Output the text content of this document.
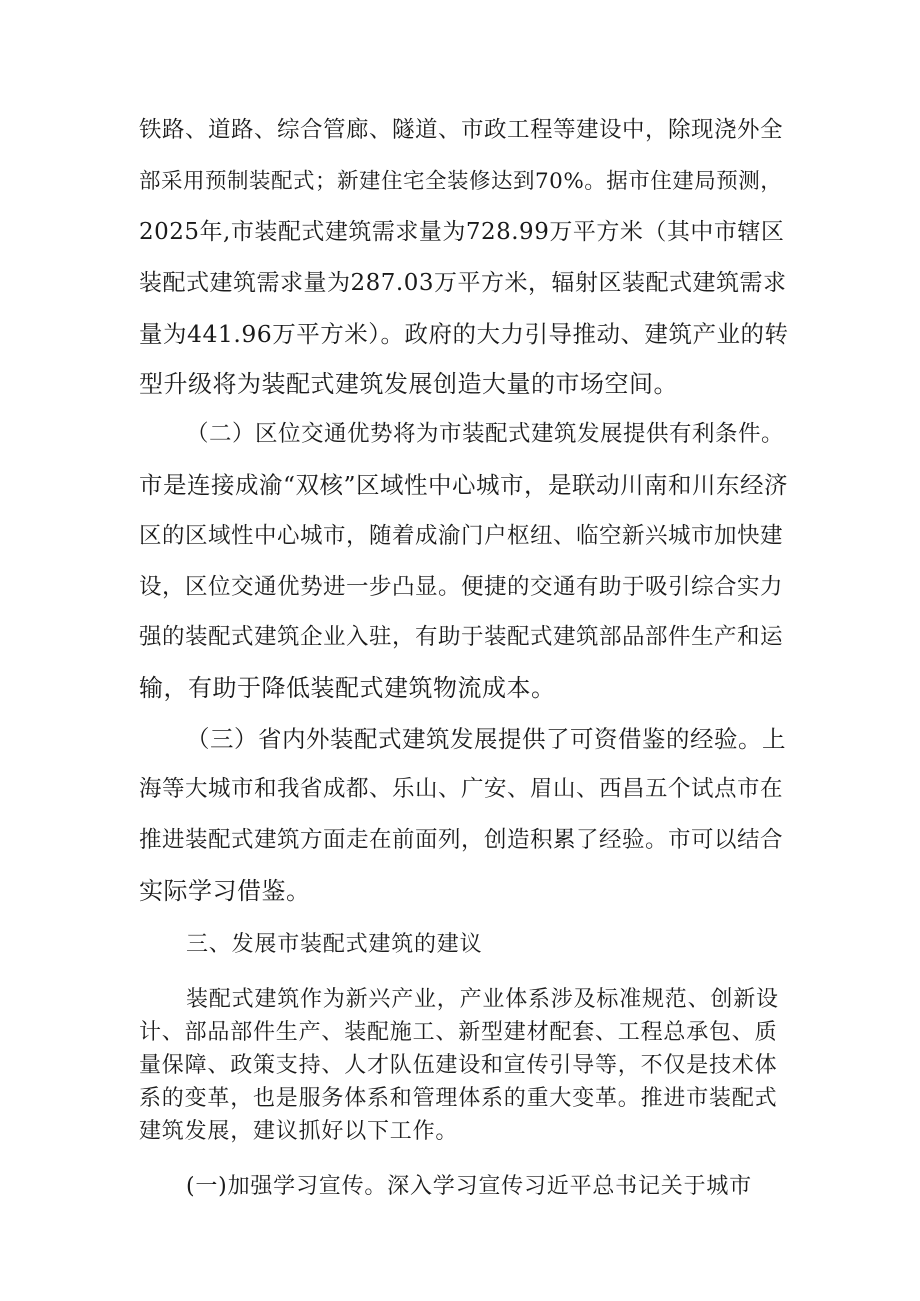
铁路、道路、综合管廊、隧道、市政工程等建设中，除现浇外全

部采用预制装配式；新建住宅全装修达到70%。据市住建局预测，

2025年,市装配式建筑需求量为728.99万平方米（其中市辖区

装配式建筑需求量为287.03万平方米，辐射区装配式建筑需求

量为441.96万平方米）。政府的大力引导推动、建筑产业的转

型升级将为装配式建筑发展创造大量的市场空间。

（二）区位交通优势将为市装配式建筑发展提供有利条件。

市是连接成渝“双核”区域性中心城市，是联动川南和川东经济

区的区域性中心城市，随着成渝门户枢纽、临空新兴城市加快建

设，区位交通优势进一步凸显。便捷的交通有助于吸引综合实力

强的装配式建筑企业入驻，有助于装配式建筑部品部件生产和运

输，有助于降低装配式建筑物流成本。

（三）省内外装配式建筑发展提供了可资借鉴的经验。上

海等大城市和我省成都、乐山、广安、眉山、西昌五个试点市在

推进装配式建筑方面走在前面列，创造积累了经验。市可以结合

实际学习借鉴。

三、发展市装配式建筑的建议

装配式建筑作为新兴产业，产业体系涉及标准规范、创新设

计、部品部件生产、装配施工、新型建材配套、工程总承包、质

量保障、政策支持、人才队伍建设和宣传引导等，不仅是技术体

系的变革，也是服务体系和管理体系的重大变革。推进市装配式

建筑发展，建议抓好以下工作。

(一)加强学习宣传。深入学习宣传习近平总书记关于城市
